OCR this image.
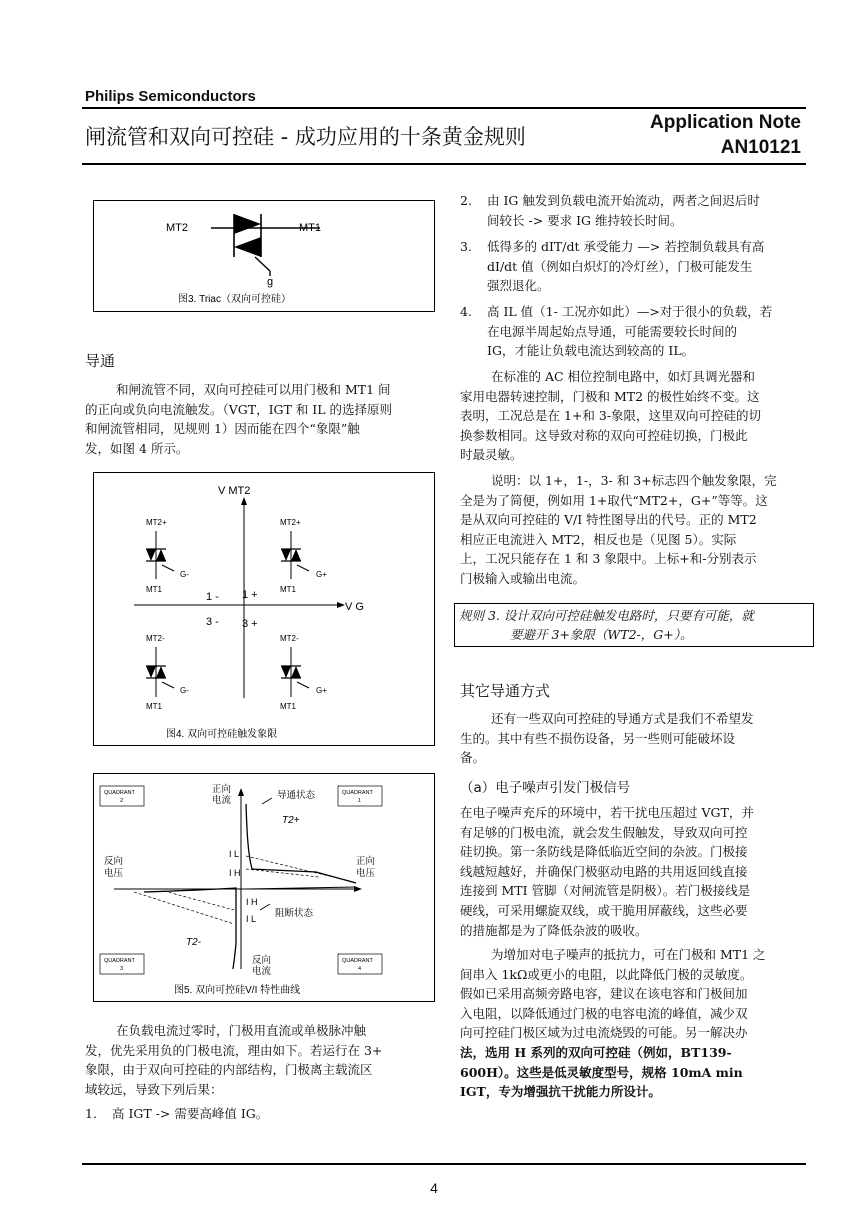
Philips Semiconductors
闸流管和双向可控硅 - 成功应用的十条黄金规则
Application Note
AN10121
MT2	MT1
g
图3. Triac（双向可控硅）
导通
和闸流管不同，双向可控硅可以用门极和 MT1 间
的正向或负向电流触发。（VGT，IGT 和 IL 的选择原则
和闸流管相同，见规则 1）因而能在四个“象限”触
发，如图 4 所示。
V MT2
V G
1 - 1 +
3 - 3 +
MT2+
G-
MT1
MT2+
G+
MT1
MT2-
G-
MT1
MT2-
G+
MT1
图4. 双向可控硅触发象限
QUADRANT
2
QUADRANT
1
QUADRANT
3
QUADRANT
4
正向
电流	导通状态
T2+
I L
I H
反向
电压
正向
电压
I H
I L 阻断状态
T2-
反向
电流
图5. 双向可控硅V/I 特性曲线
在负载电流过零时，门极用直流或单极脉冲触
发，优先采用负的门极电流，理由如下。若运行在 3+
象限，由于双向可控硅的内部结构，门极离主载流区
域较远，导致下列后果：
1. 高 IGT -> 需要高峰值 IG。
2. 由 IG 触发到负载电流开始流动，两者之间迟后时
间较长 -> 要求 IG 维持较长时间。
3. 低得多的 dIT/dt 承受能力 —> 若控制负载具有高
dI/dt 值（例如白炽灯的冷灯丝），门极可能发生
强烈退化。
4. 高 IL 值（1- 工况亦如此）—>对于很小的负载，若
在电源半周起始点导通，可能需要较长时间的
IG，才能让负载电流达到较高的 IL。
在标准的 AC 相位控制电路中，如灯具调光器和
家用电器转速控制，门极和 MT2 的极性始终不变。这
表明，工况总是在 1+和 3-象限，这里双向可控硅的切
换参数相同。这导致对称的双向可控硅切换，门极此
时最灵敏。
说明：以 1+，1-，3- 和 3+标志四个触发象限，完
全是为了简便，例如用 1+取代“MT2+，G+”等等。这
是从双向可控硅的 V/I 特性图导出的代号。正的 MT2
相应正电流进入 MT2，相反也是（见图 5）。实际
上，工况只能存在 1 和 3 象限中。上标+和-分别表示
门极输入或输出电流。
规则 3. 设计双向可控硅触发电路时，只要有可能，就
要避开 3+象限（WT2-，G+）。
其它导通方式
还有一些双向可控硅的导通方式是我们不希望发
生的。其中有些不损伤设备，另一些则可能破坏设
备。
（a）电子噪声引发门极信号
在电子噪声充斥的环境中，若干扰电压超过 VGT，并
有足够的门极电流，就会发生假触发，导致双向可控
硅切换。第一条防线是降低临近空间的杂波。门极接
线越短越好，并确保门极驱动电路的共用返回线直接
连接到 MTI 管脚（对闸流管是阴极）。若门极接线是
硬线，可采用螺旋双线，或干脆用屏蔽线，这些必要
的措施都是为了降低杂波的吸收。
为增加对电子噪声的抵抗力，可在门极和 MT1 之
间串入 1kΩ或更小的电阻，以此降低门极的灵敏度。
假如已采用高频旁路电容，建议在该电容和门极间加
入电阻，以降低通过门极的电容电流的峰值，减少双
向可控硅门极区域为过电流烧毁的可能。另一解决办
法，选用 H 系列的双向可控硅（例如，BT139-
600H）。这些是低灵敏度型号，规格 10mA min
IGT，专为增强抗干扰能力所设计。
4
